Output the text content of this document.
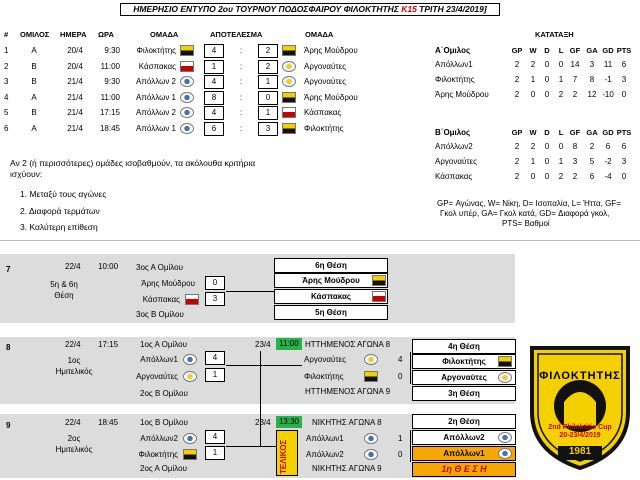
ΗΜΕΡΗΣΙΟ ΕΝΤΥΠΟ 2ου ΤΟΥΡΝΟΥ ΠΟΔΟΣΦΑΙΡΟΥ ΦΙΛΟΚΤΗΤΗΣ K15 ΤΡΙΤΗ 23/4/2019]
# ΟΜΙΛΟΣ ΗΜΕΡΑ ΩΡΑ	ΟΜΑΔΑ	ΑΠΟΤΕΛΕΣΜΑ	ΟΜΑΔΑ	ΚΑΤΑΤΑΞΗ
1	Α	20/4	9:30	Φιλοκτήτης	4	:	2	Άρης Μούδρου
2	Β	20/4	11:00	Κάσπακας	1	:	2	Αργοναύτες
3	Β	21/4	9:30	Απόλλων 2	4	:	1	Αργοναύτες
4	Α	21/4	11:00	Απόλλων 1	8	:	0	Άρης Μούδρου
5	Β	21/4	17:15	Απόλλων 2	4	:	1	Κάσπακας
6	Α	21/4	18:45	Απόλλων 1	6	:	3	Φιλοκτήτης
Α΄Ομιλος	GP W	D	L GF GA GD PTS
Απόλλων1	2	2	0	0 14	3	11	6
Φιλοκτήτης	2	1	0	1	7	8	-1	3
Άρης Μούδρου	2	0	0	2	2	12 -10 0
Β΄Ομιλος	GP W	D	L GF GA GD PTS
Απόλλων2	2	2	0	0	8	2	6	6
Αργοναύτες	2	1	0	1	3	5	-2	3
Κάσπακας	2	0	0	2	2	6	-4	0
GP= Αγώνας, W= Νίκη, D= Ισοπαλία, L= Ήττα, GF=
Γκολ υπέρ, GA= Γκολ κατά, GD= Διαφορά γκολ,
PTS= Βαθμοί
Αν 2 (ή περισσότερες) ομάδες ισοβαθμούν, τα ακόλουθα κριτήρια
ισχύουν:
1. Μεταξύ τους αγώνες
2. Διαφορά τερμάτων
3. Καλύτερη επίθεση
7	22/4 10:00
5η & 6η
Θέση
3ος Α Ομίλου
Άρης Μούδρου	0
Κάσπακας	3
3ος Β Ομίλου
6η Θέση
Άρης Μούδρου
Κάσπακας
5η Θέση
8	22/4 17:15
1ος
Ημιτελικός
1ος Α Ομίλου
Απόλλων1	4
Αργοναύτες	1
2ος Β Ομίλου
9	22/4 18:45
2ος
Ημιτελικός
1ος Β Ομίλου
Απόλλων2	4
Φιλοκτήτης	1
2ος Α Ομίλου
23/4	11:00 ΗΤΤΗΜΕΝΟΣ ΑΓΩΝΑ 8
Αργοναύτες	4
Φιλοκτήτης	0
ΗΤΤΗΜΕΝΟΣ ΑΓΩΝΑ 9
4η Θέση
Φιλοκτήτης
Αργοναύτες
3η Θέση
23/4	13:30	ΝΙΚΗΤΗΣ ΑΓΩΝΑ 8
ΤΕΛΙΚΟΣ
Απόλλων1	1
Απόλλων2	0
ΝΙΚΗΤΗΣ ΑΓΩΝΑ 9
2η Θέση
Απόλλων2
Απόλλων1
1η Θ Ε Σ Η
ΦΙΛΟΚΤΗΤΗΣ
2nd Philoktitis Cup
20-23/4/2019
1981
